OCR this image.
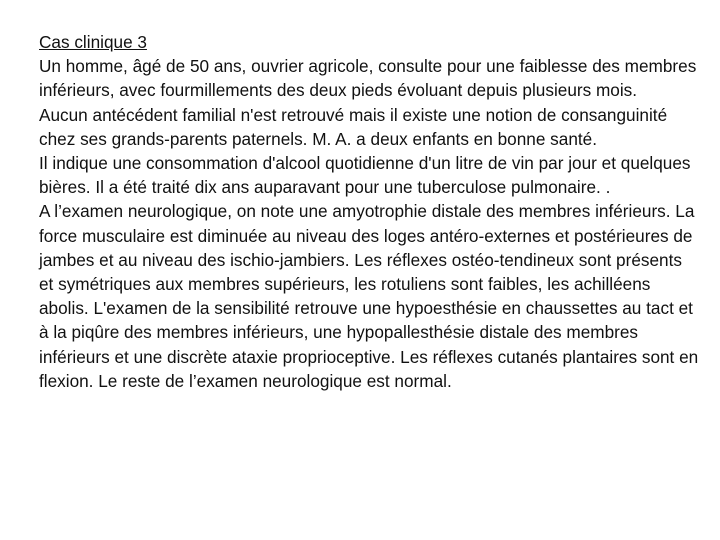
Cas clinique 3

Un homme, âgé de 50 ans, ouvrier agricole, consulte pour une faiblesse des membres inférieurs, avec fourmillements des deux pieds évoluant depuis plusieurs mois.

Aucun antécédent familial n'est retrouvé mais il existe une notion de consanguinité chez ses grands-parents paternels. M. A. a deux enfants en bonne santé.

Il indique une consommation d'alcool quotidienne d'un litre de vin par jour et quelques bières. Il a été traité dix ans auparavant pour une tuberculose pulmonaire. .

A l’examen neurologique, on note une amyotrophie distale des membres inférieurs. La force musculaire est diminuée au niveau des loges antéro-externes et postérieures de jambes et au niveau des ischio-jambiers. Les réflexes ostéo-tendineux sont présents et symétriques aux membres supérieurs, les rotuliens sont faibles, les achilléens abolis. L'examen de la sensibilité retrouve une hypoesthésie en chaussettes au tact et à la piqûre des membres inférieurs, une hypopallesthésie distale des membres inférieurs et une discrète ataxie proprioceptive. Les réflexes cutanés plantaires sont en flexion. Le reste de l’examen neurologique est normal.
